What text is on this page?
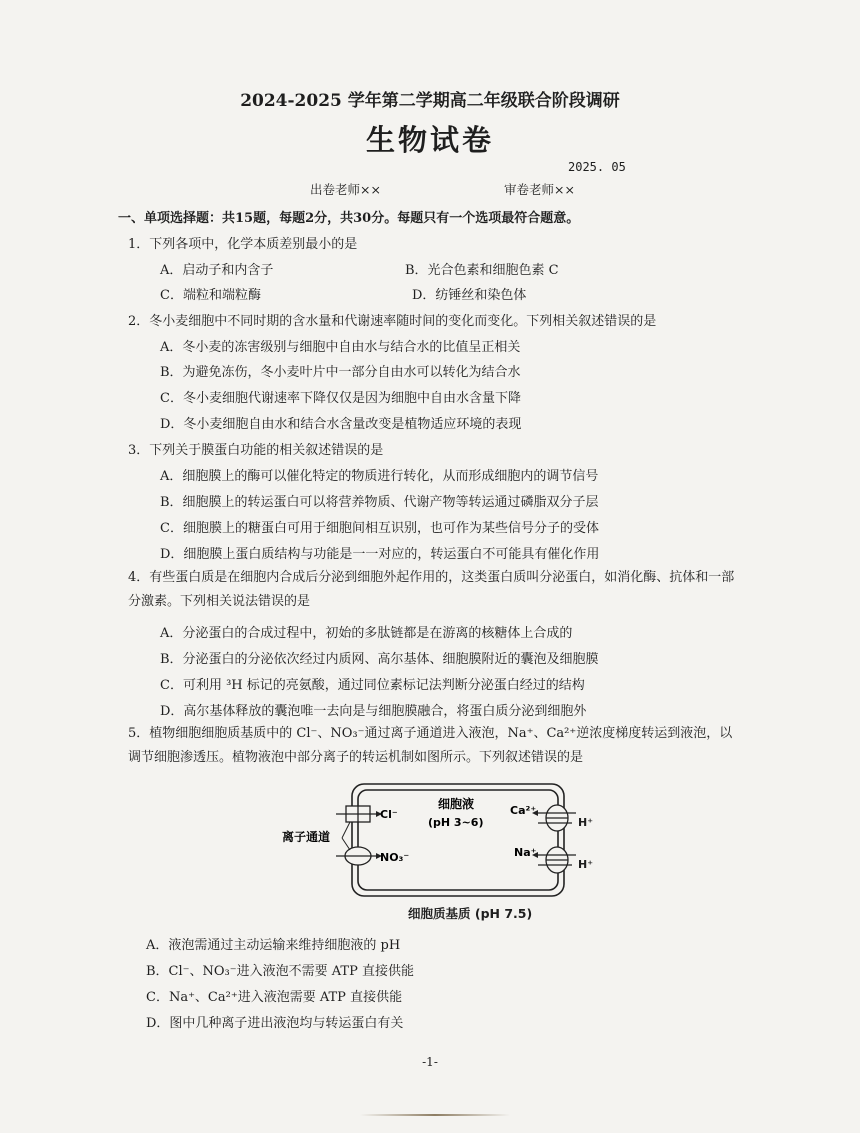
2024-2025 学年第二学期高二年级联合阶段调研
生物试卷
2025. 05
出卷老师××	审卷老师××
一、单项选择题：共15题，每题2分，共30分。每题只有一个选项最符合题意。
1．下列各项中，化学本质差别最小的是
A．启动子和内含子	B．光合色素和细胞色素 C
C．端粒和端粒酶	D．纺锤丝和染色体
2．冬小麦细胞中不同时期的含水量和代谢速率随时间的变化而变化。下列相关叙述错误的是
A．冬小麦的冻害级别与细胞中自由水与结合水的比值呈正相关
B．为避免冻伤，冬小麦叶片中一部分自由水可以转化为结合水
C．冬小麦细胞代谢速率下降仅仅是因为细胞中自由水含量下降
D．冬小麦细胞自由水和结合水含量改变是植物适应环境的表现
3．下列关于膜蛋白功能的相关叙述错误的是
A．细胞膜上的酶可以催化特定的物质进行转化，从而形成细胞内的调节信号
B．细胞膜上的转运蛋白可以将营养物质、代谢产物等转运通过磷脂双分子层
C．细胞膜上的糖蛋白可用于细胞间相互识别，也可作为某些信号分子的受体
D．细胞膜上蛋白质结构与功能是一一对应的，转运蛋白不可能具有催化作用
4．有些蛋白质是在细胞内合成后分泌到细胞外起作用的，这类蛋白质叫分泌蛋白，如消化酶、抗体和一部分激素。下列相关说法错误的是
A．分泌蛋白的合成过程中，初始的多肽链都是在游离的核糖体上合成的
B．分泌蛋白的分泌依次经过内质网、高尔基体、细胞膜附近的囊泡及细胞膜
C．可利用 ³H 标记的亮氨酸，通过同位素标记法判断分泌蛋白经过的结构
D．高尔基体释放的囊泡唯一去向是与细胞膜融合，将蛋白质分泌到细胞外
5．植物细胞细胞质基质中的 Cl⁻、NO₃⁻通过离子通道进入液泡，Na⁺、Ca²⁺逆浓度梯度转运到液泡，以调节细胞渗透压。植物液泡中部分离子的转运机制如图所示。下列叙述错误的是
Cl⁻
NO₃⁻
离子通道
细胞液
(pH 3~6)
Ca²⁺
Na⁺
H⁺
H⁺
细胞质基质 (pH 7.5)
A．液泡需通过主动运输来维持细胞液的 pH
B．Cl⁻、NO₃⁻进入液泡不需要 ATP 直接供能
C．Na⁺、Ca²⁺进入液泡需要 ATP 直接供能
D．图中几种离子进出液泡均与转运蛋白有关
-1-
